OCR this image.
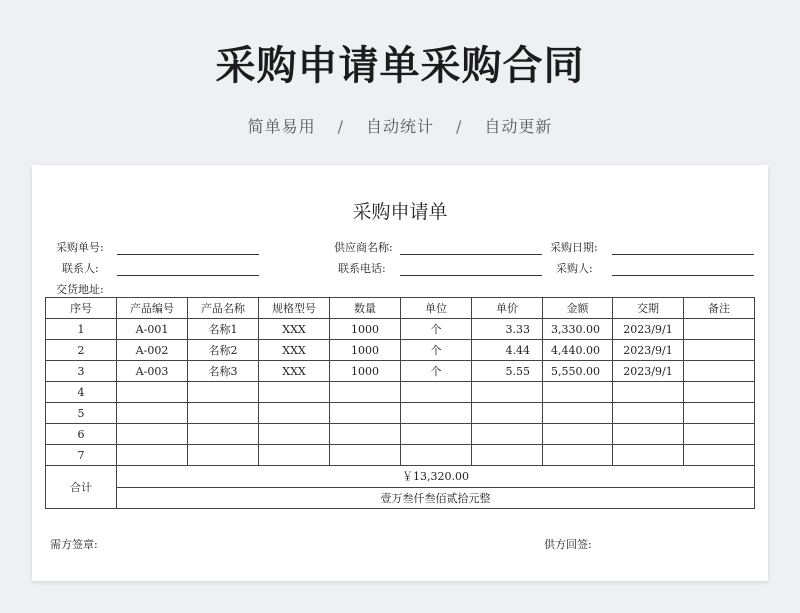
采购申请单采购合同
简单易用 / 自动统计 / 自动更新
采购申请单
采购单号:	供应商名称:	采购日期:
联系人:	联系电话:	采购人:
交货地址:
序号	产品编号	产品名称	规格型号	数量	单位	单价	金额	交期	备注
1	A-001	名称1	XXX	1000	个	3.33	3,330.00	2023/9/1	
2	A-002	名称2	XXX	1000	个	4.44	4,440.00	2023/9/1	
3	A-003	名称3	XXX	1000	个	5.55	5,550.00	2023/9/1	
4									
5									
6									
7									
合计	￥13,320.00								
	壹万叁仟叁佰贰拾元整								
需方签章:	供方回签:
